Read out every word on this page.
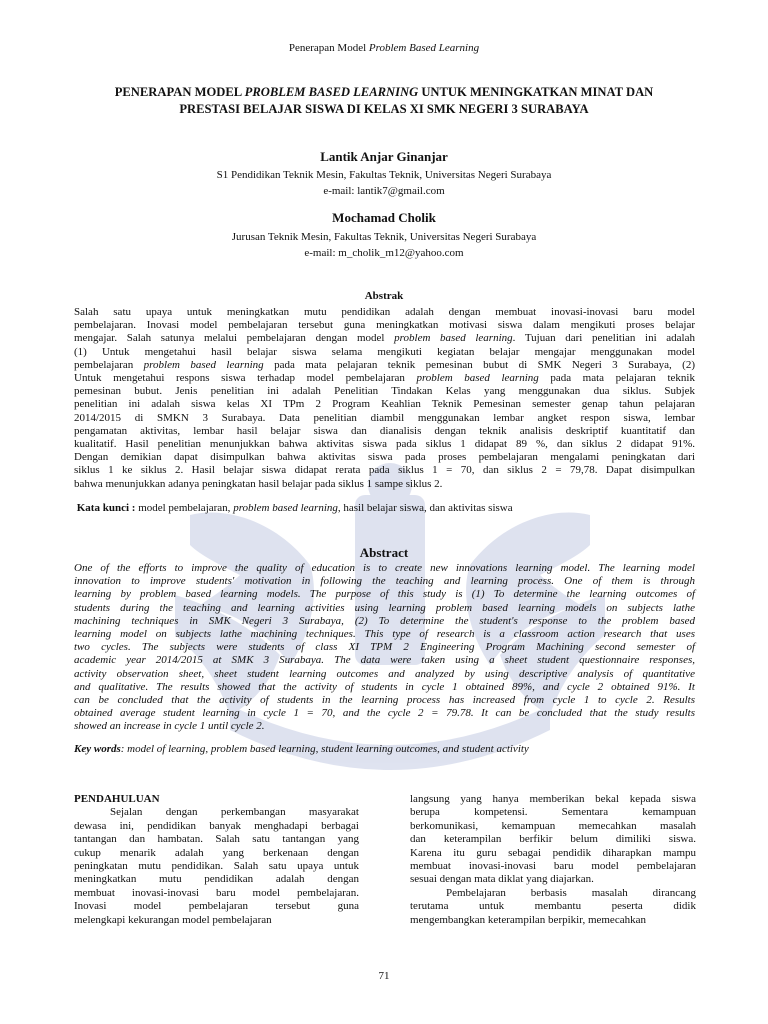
Penerapan Model Problem Based Learning
PENERAPAN MODEL PROBLEM BASED LEARNING UNTUK MENINGKATKAN MINAT DAN
PRESTASI BELAJAR SISWA DI KELAS XI SMK NEGERI 3 SURABAYA
Lantik Anjar Ginanjar
S1 Pendidikan Teknik Mesin, Fakultas Teknik, Universitas Negeri Surabaya
e-mail: lantik7@gmail.com
Mochamad Cholik
Jurusan Teknik Mesin, Fakultas Teknik, Universitas Negeri Surabaya
e-mail: m_cholik_m12@yahoo.com
Abstrak
Salah satu upaya untuk meningkatkan mutu pendidikan adalah dengan membuat inovasi-inovasi baru model
pembelajaran. Inovasi model pembelajaran tersebut guna meningkatkan motivasi siswa dalam mengikuti proses belajar
mengajar. Salah satunya melalui pembelajaran dengan model problem based learning. Tujuan dari penelitian ini adalah
(1) Untuk mengetahui hasil belajar siswa selama mengikuti kegiatan belajar mengajar menggunakan model
pembelajaran problem based learning pada mata pelajaran teknik pemesinan bubut di SMK Negeri 3 Surabaya, (2)
Untuk mengetahui respons siswa terhadap model pembelajaran problem based learning pada mata pelajaran teknik
pemesinan bubut. Jenis penelitian ini adalah Penelitian Tindakan Kelas yang menggunakan dua siklus. Subjek
penelitian ini adalah siswa kelas XI TPm 2 Program Keahlian Teknik Pemesinan semester genap tahun pelajaran
2014/2015 di SMKN 3 Surabaya. Data penelitian diambil menggunakan lembar angket respon siswa, lembar
pengamatan aktivitas, lembar hasil belajar siswa dan dianalisis dengan teknik analisis deskriptif kuantitatif dan
kualitatif. Hasil penelitian menunjukkan bahwa aktivitas siswa pada siklus 1 didapat 89 %, dan siklus 2 didapat 91%.
Dengan demikian dapat disimpulkan bahwa aktivitas siswa pada proses pembelajaran mengalami peningkatan dari
siklus 1 ke siklus 2. Hasil belajar siswa didapat rerata pada siklus 1 = 70, dan siklus 2 = 79,78. Dapat disimpulkan
bahwa menunjukkan adanya peningkatan hasil belajar pada siklus 1 sampe siklus 2.
Kata kunci : model pembelajaran, problem based learning, hasil belajar siswa, dan aktivitas siswa
Abstract
One of the efforts to improve the quality of education is to create new innovations learning model. The learning model
innovation to improve students' motivation in following the teaching and learning process. One of them is through
learning by problem based learning models. The purpose of this study is (1) To determine the learning outcomes of
students during the teaching and learning activities using learning problem based learning models on subjects lathe
machining techniques in SMK Negeri 3 Surabaya, (2) To determine the student's response to the problem based
learning model on subjects lathe machining techniques. This type of research is a classroom action research that uses
two cycles. The subjects were students of class XI TPM 2 Engineering Program Machining second semester of
academic year 2014/2015 at SMK 3 Surabaya. The data were taken using a sheet student questionnaire responses,
activity observation sheet, sheet student learning outcomes and analyzed by using descriptive analysis of quantitative
and qualitative. The results showed that the activity of students in cycle 1 obtained 89%, and cycle 2 obtained 91%. It
can be concluded that the activity of students in the learning process has increased from cycle 1 to cycle 2. Results
obtained average student learning in cycle 1 = 70, and the cycle 2 = 79.78. It can be concluded that the study results
showed an increase in cycle 1 until cycle 2.
Key words: model of learning, problem based learning, student learning outcomes, and student activity
PENDAHULUAN
Sejalan dengan perkembangan masyarakat
dewasa ini, pendidikan banyak menghadapi berbagai
tantangan dan hambatan. Salah satu tantangan yang
cukup menarik adalah yang berkenaan dengan
peningkatan mutu pendidikan. Salah satu upaya untuk
meningkatkan mutu pendidikan adalah dengan
membuat inovasi-inovasi baru model pembelajaran.
Inovasi model pembelajaran tersebut guna
melengkapi kekurangan model pembelajaran
langsung yang hanya memberikan bekal kepada siswa
berupa kompetensi. Sementara kemampuan
berkomunikasi, kemampuan memecahkan masalah
dan keterampilan berfikir belum dimiliki siswa.
Karena itu guru sebagai pendidik diharapkan mampu
membuat inovasi-inovasi baru model pembelajaran
sesuai dengan mata diklat yang diajarkan.
Pembelajaran berbasis masalah dirancang
terutama untuk membantu peserta didik
mengembangkan keterampilan berpikir, memecahkan
71
